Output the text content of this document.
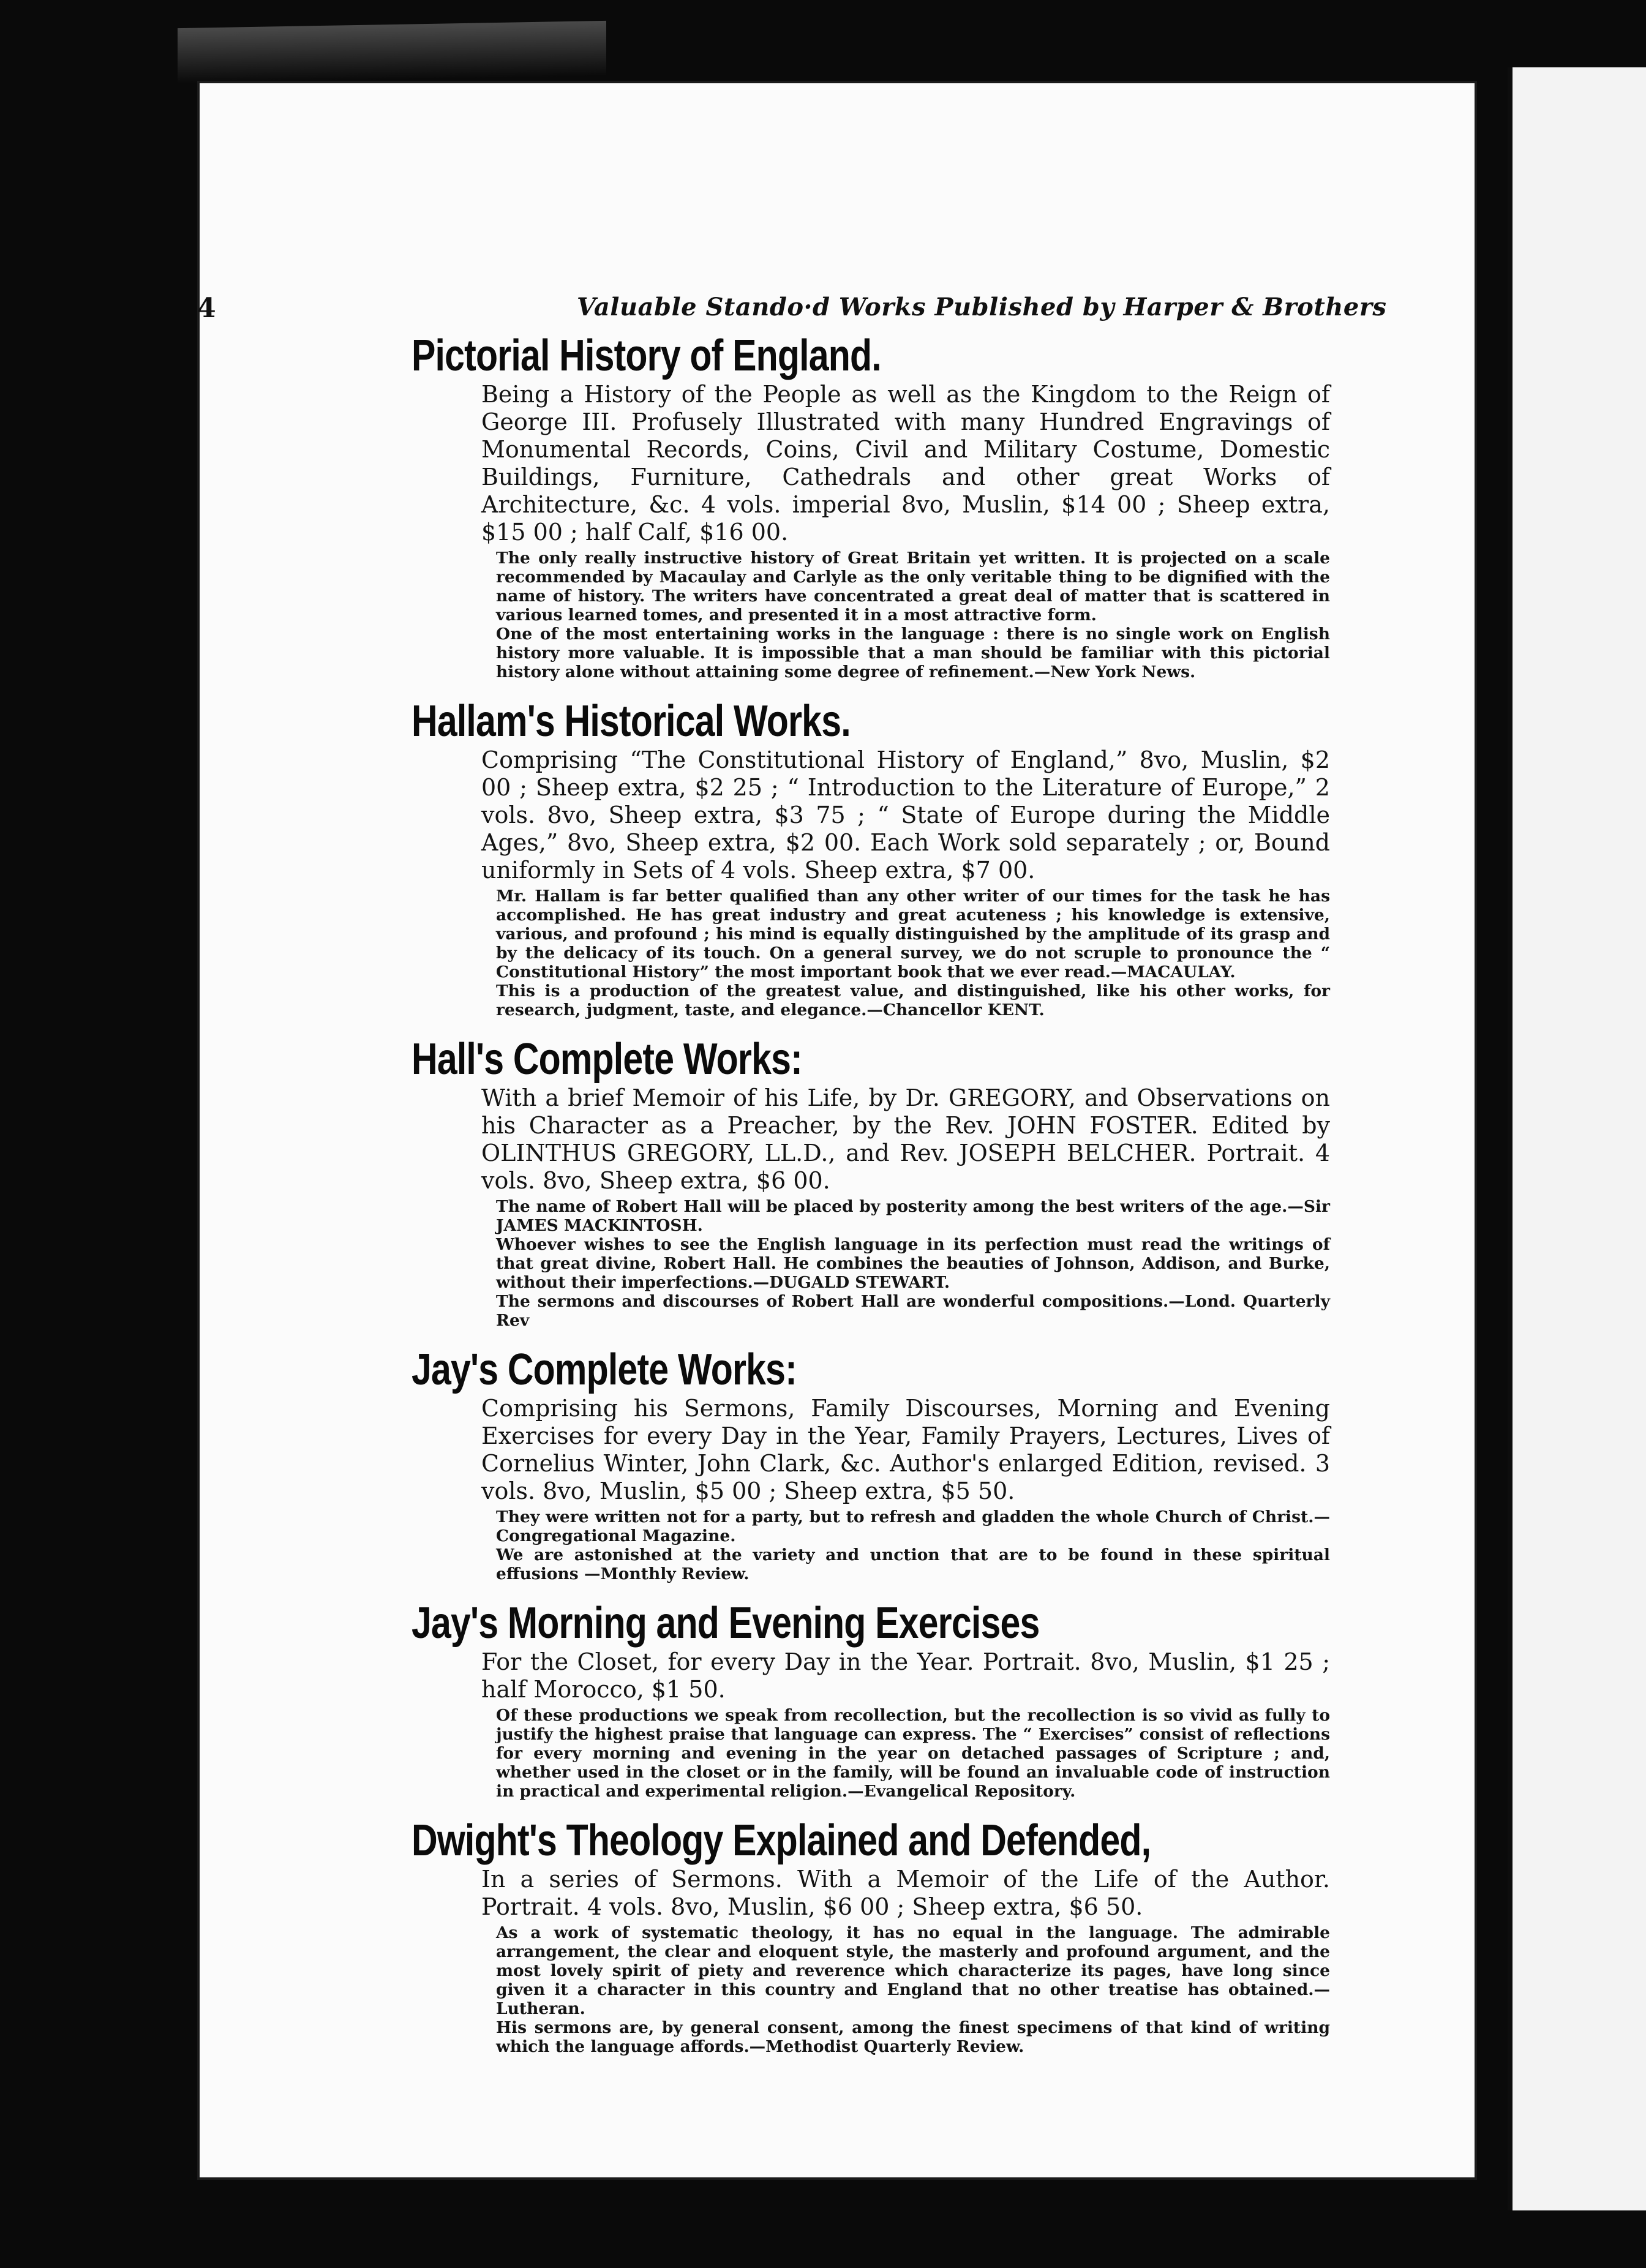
4	Valuable Stando·d Works Published by Harper & Brothers
Pictorial History of England.
Being a History of the People as well as the Kingdom to the Reign of George III. Profusely Illustrated with many Hundred Engravings of Monumental Records, Coins, Civil and Military Costume, Domestic Buildings, Furniture, Cathedrals and other great Works of Architecture, &c. 4 vols. imperial 8vo, Muslin, $14 00 ; Sheep extra, $15 00 ; half Calf, $16 00.

The only really instructive history of Great Britain yet written. It is projected on a scale recommended by Macaulay and Carlyle as the only veritable thing to be dignified with the name of history. The writers have concentrated a great deal of matter that is scattered in various learned tomes, and presented it in a most attractive form.

One of the most entertaining works in the language : there is no single work on English history more valuable. It is impossible that a man should be familiar with this pictorial history alone without attaining some degree of refinement.—New York News.

Hallam's Historical Works.
Comprising “The Constitutional History of England,” 8vo, Muslin, $2 00 ; Sheep extra, $2 25 ; “ Introduction to the Literature of Europe,” 2 vols. 8vo, Sheep extra, $3 75 ; “ State of Europe during the Middle Ages,” 8vo, Sheep extra, $2 00. Each Work sold separately ; or, Bound uniformly in Sets of 4 vols. Sheep extra, $7 00.

Mr. Hallam is far better qualified than any other writer of our times for the task he has accomplished. He has great industry and great acuteness ; his knowledge is extensive, various, and profound ; his mind is equally distinguished by the amplitude of its grasp and by the delicacy of its touch. On a general survey, we do not scruple to pronounce the “ Constitutional History” the most important book that we ever read.—MACAULAY.

This is a production of the greatest value, and distinguished, like his other works, for research, judgment, taste, and elegance.—Chancellor KENT.

Hall's Complete Works:
With a brief Memoir of his Life, by Dr. GREGORY, and Observations on his Character as a Preacher, by the Rev. JOHN FOSTER. Edited by OLINTHUS GREGORY, LL.D., and Rev. JOSEPH BELCHER. Portrait. 4 vols. 8vo, Sheep extra, $6 00.

The name of Robert Hall will be placed by posterity among the best writers of the age.—Sir JAMES MACKINTOSH.

Whoever wishes to see the English language in its perfection must read the writings of that great divine, Robert Hall. He combines the beauties of Johnson, Addison, and Burke, without their imperfections.—DUGALD STEWART.

The sermons and discourses of Robert Hall are wonderful compositions.—Lond. Quarterly Rev

Jay's Complete Works:
Comprising his Sermons, Family Discourses, Morning and Evening Exercises for every Day in the Year, Family Prayers, Lectures, Lives of Cornelius Winter, John Clark, &c. Author's enlarged Edition, revised. 3 vols. 8vo, Muslin, $5 00 ; Sheep extra, $5 50.

They were written not for a party, but to refresh and gladden the whole Church of Christ.—Congregational Magazine.

We are astonished at the variety and unction that are to be found in these spiritual effusions —Monthly Review.

Jay's Morning and Evening Exercises
For the Closet, for every Day in the Year. Portrait. 8vo, Muslin, $1 25 ; half Morocco, $1 50.

Of these productions we speak from recollection, but the recollection is so vivid as fully to justify the highest praise that language can express. The “ Exercises” consist of reflections for every morning and evening in the year on detached passages of Scripture ; and, whether used in the closet or in the family, will be found an invaluable code of instruction in practical and experimental religion.—Evangelical Repository.

Dwight's Theology Explained and Defended,
In a series of Sermons. With a Memoir of the Life of the Author. Portrait. 4 vols. 8vo, Muslin, $6 00 ; Sheep extra, $6 50.

As a work of systematic theology, it has no equal in the language. The admirable arrangement, the clear and eloquent style, the masterly and profound argument, and the most lovely spirit of piety and reverence which characterize its pages, have long since given it a character in this country and England that no other treatise has obtained.—Lutheran.

His sermons are, by general consent, among the finest specimens of that kind of writing which the language affords.—Methodist Quarterly Review.
